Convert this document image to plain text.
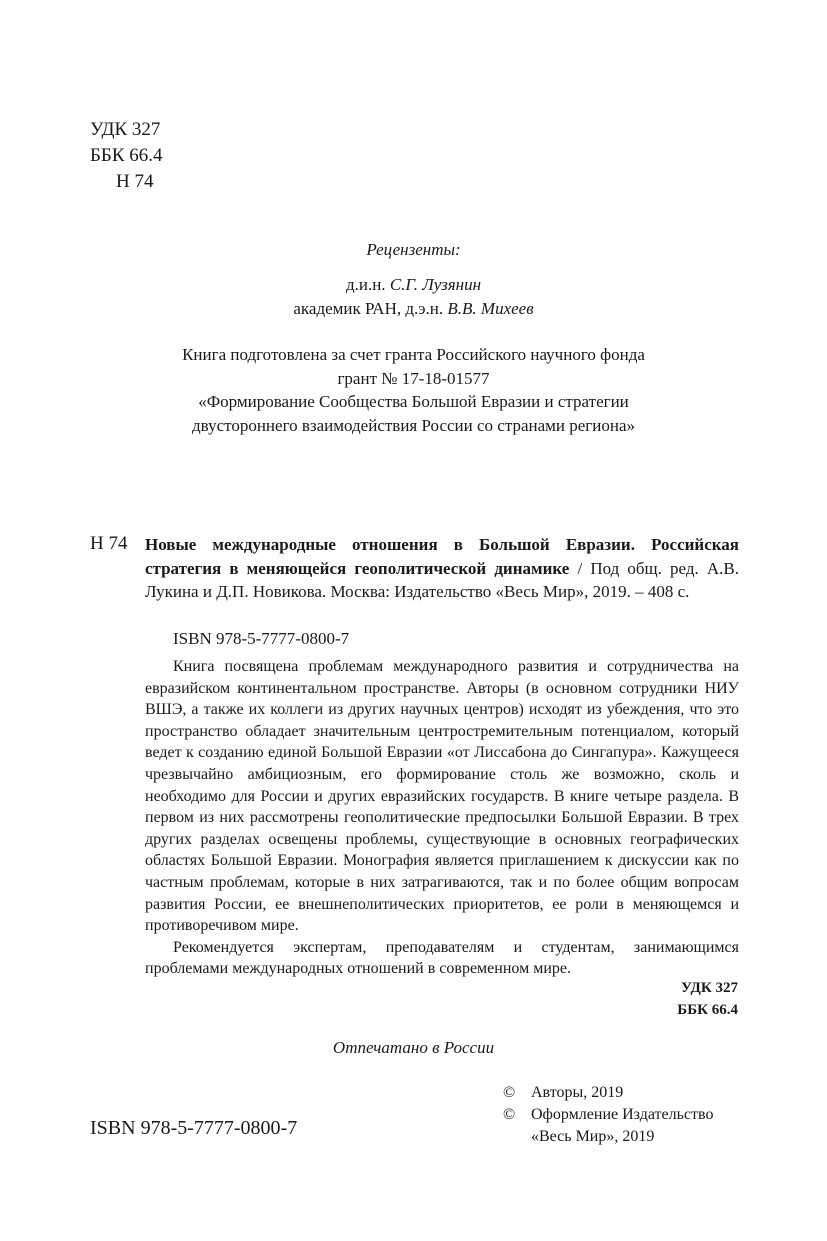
УДК 327
ББК 66.4
Н 74
Рецензенты:
д.и.н. С.Г. Лузянин
академик РАН, д.э.н. В.В. Михеев
Книга подготовлена за счет гранта Российского научного фонда
грант № 17-18-01577
«Формирование Сообщества Большой Евразии и стратегии
двустороннего взаимодействия России со странами региона»
Н 74 Новые международные отношения в Большой Евразии. Российская стратегия в меняющейся геополитической динамике / Под общ. ред. А.В. Лукина и Д.П. Новикова. Москва: Издательство «Весь Мир», 2019. – 408 с.
ISBN 978-5-7777-0800-7

Книга посвящена проблемам международного развития и сотрудничества на евразийском континентальном пространстве. Авторы (в основном сотрудники НИУ ВШЭ, а также их коллеги из других научных центров) исходят из убеждения, что это пространство обладает значительным центростремительным потенциалом, который ведет к созданию единой Большой Евразии «от Лиссабона до Сингапура». Кажущееся чрезвычайно амбициозным, его формирование столь же возможно, сколь и необходимо для России и других евразийских государств. В книге четыре раздела. В первом из них рассмотрены геополитические предпосылки Большой Евразии. В трех других разделах освещены проблемы, существующие в основных географических областях Большой Евразии. Монография является приглашением к дискуссии как по частным проблемам, которые в них затрагиваются, так и по более общим вопросам развития России, ее внешнеполитических приоритетов, ее роли в меняющемся и противоречивом мире.

Рекомендуется экспертам, преподавателям и студентам, занимающимся проблемами международных отношений в современном мире.

УДК 327
ББК 66.4
Отпечатано в России
© Авторы, 2019
© Оформление Издательство
«Весь Мир», 2019
ISBN 978-5-7777-0800-7
